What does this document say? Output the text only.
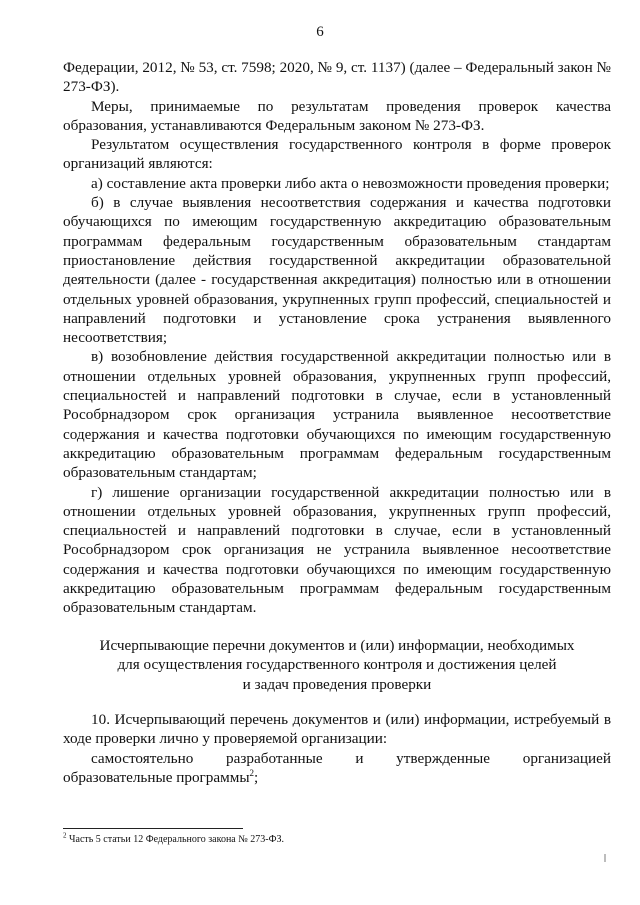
6

Федерации, 2012, № 53, ст. 7598; 2020, № 9, ст. 1137) (далее – Федеральный закон № 273-ФЗ).

Меры, принимаемые по результатам проведения проверок качества образования, устанавливаются Федеральным законом № 273-ФЗ.

Результатом осуществления государственного контроля в форме проверок организаций являются:

а) составление акта проверки либо акта о невозможности проведения проверки;

б) в случае выявления несоответствия содержания и качества подготовки обучающихся по имеющим государственную аккредитацию образовательным программам федеральным государственным образовательным стандартам приостановление действия государственной аккредитации образовательной деятельности (далее - государственная аккредитация) полностью или в отношении отдельных уровней образования, укрупненных групп профессий, специальностей и направлений подготовки и установление срока устранения выявленного несоответствия;

в) возобновление действия государственной аккредитации полностью или в отношении отдельных уровней образования, укрупненных групп профессий, специальностей и направлений подготовки в случае, если в установленный Рособрнадзором срок организация устранила выявленное несоответствие содержания и качества подготовки обучающихся по имеющим государственную аккредитацию образовательным программам федеральным государственным образовательным стандартам;

г) лишение организации государственной аккредитации полностью или в отношении отдельных уровней образования, укрупненных групп профессий, специальностей и направлений подготовки в случае, если в установленный Рособрнадзором срок организация не устранила выявленное несоответствие содержания и качества подготовки обучающихся по имеющим государственную аккредитацию образовательным программам федеральным государственным образовательным стандартам.

Исчерпывающие перечни документов и (или) информации, необходимых
для осуществления государственного контроля и достижения целей
и задач проведения проверки

10. Исчерпывающий перечень документов и (или) информации, истребуемый в ходе проверки лично у проверяемой организации:

самостоятельно разработанные и утвержденные организацией

образовательные программы$^2$;

$^2$ Часть 5 статьи 12 Федерального закона № 273-ФЗ.
